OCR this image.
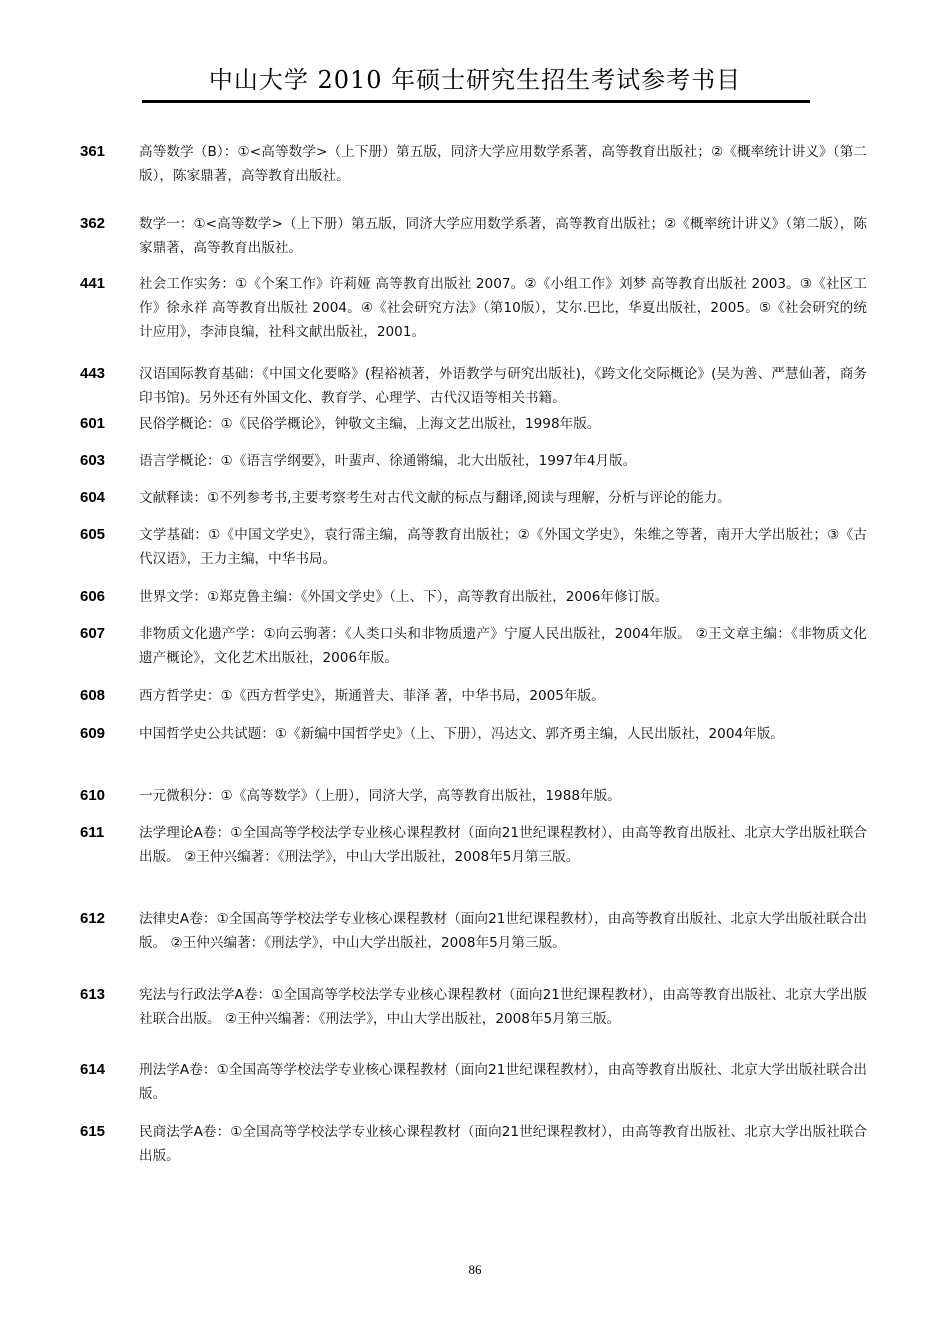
中山大学 2010 年硕士研究生招生考试参考书目
361	高等数学（B）：①<高等数学>（上下册）第五版，同济大学应用数学系著，高等教育出版社；②《概率统计讲义》（第二版），陈家鼎著，高等教育出版社。
362	数学一：①<高等数学>（上下册）第五版，同济大学应用数学系著，高等教育出版社；②《概率统计讲义》（第二版），陈家鼎著，高等教育出版社。
441	社会工作实务：①《个案工作》许莉娅 高等教育出版社 2007。②《小组工作》刘梦 高等教育出版社 2003。③《社区工作》徐永祥 高等教育出版社 2004。④《社会研究方法》（第10版），艾尔.巴比，华夏出版社，2005。⑤《社会研究的统计应用》，李沛良编，社科文献出版社，2001。
443	汉语国际教育基础：《中国文化要略》(程裕祯著，外语教学与研究出版社)，《跨文化交际概论》(吴为善、严慧仙著，商务印书馆)。另外还有外国文化、教育学、心理学、古代汉语等相关书籍。
601	民俗学概论：①《民俗学概论》，钟敬文主编，上海文艺出版社，1998年版。
603	语言学概论：①《语言学纲要》，叶蜚声、徐通锵编，北大出版社，1997年4月版。
604	文献释读：①不列参考书,主要考察考生对古代文献的标点与翻译,阅读与理解，分析与评论的能力。
605	文学基础：①《中国文学史》，袁行霈主编，高等教育出版社；②《外国文学史》，朱维之等著，南开大学出版社；③《古代汉语》，王力主编，中华书局。
606	世界文学：①郑克鲁主编：《外国文学史》（上、下），高等教育出版社，2006年修订版。
607	非物质文化遗产学：①向云驹著：《人类口头和非物质遗产》宁厦人民出版社，2004年版。 ②王文章主编：《非物质文化遗产概论》，文化艺术出版社，2006年版。
608	西方哲学史：①《西方哲学史》，斯通普夫、菲泽 著，中华书局，2005年版。
609	中国哲学史公共试题：①《新编中国哲学史》（上、下册），冯达文、郭齐勇主编，人民出版社，2004年版。
610	一元微积分：①《高等数学》（上册），同济大学，高等教育出版社，1988年版。
611	法学理论A卷：①全国高等学校法学专业核心课程教材（面向21世纪课程教材），由高等教育出版社、北京大学出版社联合出版。 ②王仲兴编著：《刑法学》，中山大学出版社，2008年5月第三版。
612	法律史A卷：①全国高等学校法学专业核心课程教材（面向21世纪课程教材），由高等教育出版社、北京大学出版社联合出版。 ②王仲兴编著：《刑法学》，中山大学出版社，2008年5月第三版。
613	宪法与行政法学A卷：①全国高等学校法学专业核心课程教材（面向21世纪课程教材），由高等教育出版社、北京大学出版社联合出版。 ②王仲兴编著：《刑法学》，中山大学出版社，2008年5月第三版。
614	刑法学A卷：①全国高等学校法学专业核心课程教材（面向21世纪课程教材），由高等教育出版社、北京大学出版社联合出版。
615	民商法学A卷：①全国高等学校法学专业核心课程教材（面向21世纪课程教材），由高等教育出版社、北京大学出版社联合出版。
86
